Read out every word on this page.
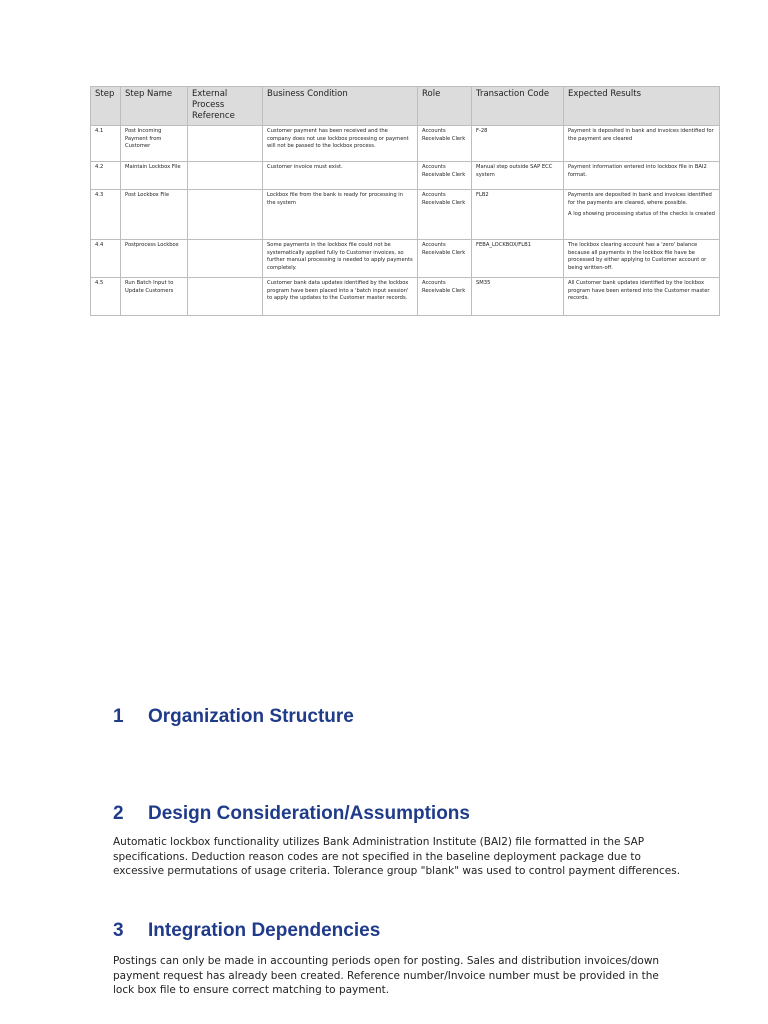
Step	Step Name	External Process Reference	Business Condition	Role	Transaction Code	Expected Results
4.1	Post Incoming Payment from Customer		Customer payment has been received and the company does not use lockbox processing or payment will not be passed to the lockbox process.	Accounts Receivable Clerk	F-28	Payment is deposited in bank and invoices identified for the payment are cleared
4.2	Maintain Lockbox File		Customer invoice must exist.	Accounts Receivable Clerk	Manual step outside SAP ECC system	Payment information entered into lockbox file in BAI2 format.
4.3	Post Lockbox File		Lockbox file from the bank is ready for processing in the system	Accounts Receivable Clerk	FLB2	Payments are deposited in bank and invoices identified for the payments are cleared, where possible.
A log showing processing status of the checks is created
4.4	Postprocess Lockbox		Some payments in the lockbox file could not be systematically applied fully to Customer invoices, so further manual processing is needed to apply payments completely.	Accounts Receivable Clerk	FEBA_LOCKBOX/FLB1	The lockbox clearing account has a 'zero' balance because all payments in the lockbox file have be processed by either applying to Customer account or being written-off.
4.5	Run Batch Input to Update Customers		Customer bank data updates identified by the lockbox program have been placed into a 'batch input session' to apply the updates to the Customer master records.	Accounts Receivable Clerk	SM35	All Customer bank updates identified by the lockbox program have been entered into the Customer master records.
1 Organization Structure
2 Design Consideration/Assumptions

Automatic lockbox functionality utilizes Bank Administration Institute (BAI2) file formatted in the SAP specifications. Deduction reason codes are not specified in the baseline deployment package due to excessive permutations of usage criteria. Tolerance group "blank" was used to control payment differences.

3 Integration Dependencies

Postings can only be made in accounting periods open for posting. Sales and distribution invoices/down payment request has already been created. Reference number/Invoice number must be provided in the lock box file to ensure correct matching to payment.
